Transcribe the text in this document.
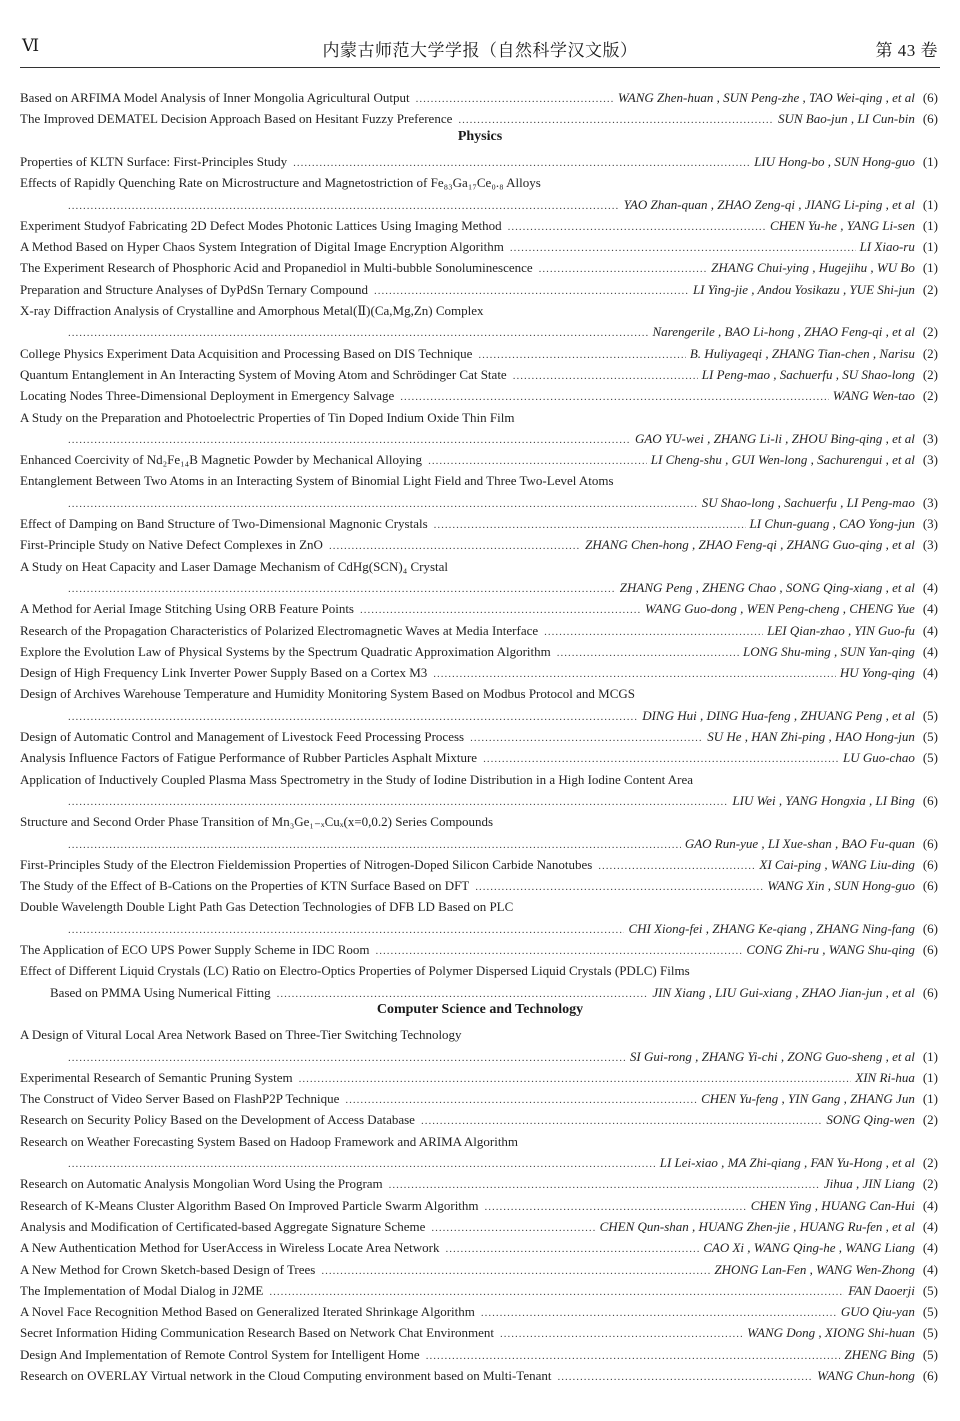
Ⅵ	内蒙古师范大学学报（自然科学汉文版）	第 43 卷
Based on ARFIMA Model Analysis of Inner Mongolia Agricultural Output .....	WANG Zhen-huan , SUN Peng-zhe , TAO Wei-qing , et al (6)
The Improved DEMATEL Decision Approach Based on Hesitant Fuzzy Preference .....	SUN Bao-jun , LI Cun-bin (6)
Physics
Properties of KLTN Surface: First-Principles Study .....	LIU Hong-bo , SUN Hong-guo (1)
Effects of Rapidly Quenching Rate on Microstructure and Magnetostriction of Fe₈₃Ga₁₇Ce₀.₈ Alloys
.....
YAO Zhan-quan , ZHAO Zeng-qi , JIANG Li-ping , et al (1)
Experiment Studyof Fabricating 2D Defect Modes Photonic Lattices Using Imaging Method .....	CHEN Yu-he , YANG Li-sen (1)
A Method Based on Hyper Chaos System Integration of Digital Image Encryption Algorithm .....	LI Xiao-ru (1)
The Experiment Research of Phosphoric Acid and Propanediol in Multi-bubble Sonoluminescence .....	ZHANG Chui-ying , Hugejihu , WU Bo (1)
Preparation and Structure Analyses of DyPdSn Ternary Compound .....	LI Ying-jie , Andou Yosikazu , YUE Shi-jun (2)
X-ray Diffraction Analysis of Crystalline and Amorphous Metal(Ⅱ)(Ca,Mg,Zn) Complex
.....
Narengerile , BAO Li-hong , ZHAO Feng-qi , et al (2)
College Physics Experiment Data Acquisition and Processing Based on DIS Technique .....	B. Huliyageqi , ZHANG Tian-chen , Narisu (2)
Quantum Entanglement in An Interacting System of Moving Atom and Schrödinger Cat State .....	LI Peng-mao , Sachuerfu , SU Shao-long (2)
Locating Nodes Three-Dimensional Deployment in Emergency Salvage .....	WANG Wen-tao (2)
A Study on the Preparation and Photoelectric Properties of Tin Doped Indium Oxide Thin Film
.....
GAO YU-wei , ZHANG Li-li , ZHOU Bing-qing , et al (3)
Enhanced Coercivity of Nd₂Fe₁₄B Magnetic Powder by Mechanical Alloying .....	LI Cheng-shu , GUI Wen-long , Sachurengui , et al (3)
Entanglement Between Two Atoms in an Interacting System of Binomial Light Field and Three Two-Level Atoms
.....
SU Shao-long , Sachuerfu , LI Peng-mao (3)
Effect of Damping on Band Structure of Two-Dimensional Magnonic Crystals .....	LI Chun-guang , CAO Yong-jun (3)
First-Principle Study on Native Defect Complexes in ZnO .....	ZHANG Chen-hong , ZHAO Feng-qi , ZHANG Guo-qing , et al (3)
A Study on Heat Capacity and Laser Damage Mechanism of CdHg(SCN)₄ Crystal
.....
ZHANG Peng , ZHENG Chao , SONG Qing-xiang , et al (4)
A Method for Aerial Image Stitching Using ORB Feature Points .....	WANG Guo-dong , WEN Peng-cheng , CHENG Yue (4)
Research of the Propagation Characteristics of Polarized Electromagnetic Waves at Media Interface .....	LEI Qian-zhao , YIN Guo-fu (4)
Explore the Evolution Law of Physical Systems by the Spectrum Quadratic Approximation Algorithm .....	LONG Shu-ming , SUN Yan-qing (4)
Design of High Frequency Link Inverter Power Supply Based on a Cortex M3 .....	HU Yong-qing (4)
Design of Archives Warehouse Temperature and Humidity Monitoring System Based on Modbus Protocol and MCGS
.....
DING Hui , DING Hua-feng , ZHUANG Peng , et al (5)
Design of Automatic Control and Management of Livestock Feed Processing Process .....	SU He , HAN Zhi-ping , HAO Hong-jun (5)
Analysis Influence Factors of Fatigue Performance of Rubber Particles Asphalt Mixture .....	LU Guo-chao (5)
Application of Inductively Coupled Plasma Mass Spectrometry in the Study of Iodine Distribution in a High Iodine Content Area
.....
LIU Wei , YANG Hongxia , LI Bing (6)
Structure and Second Order Phase Transition of Mn₃Ge₁₋ₓCuₓ(x=0,0.2) Series Compounds
.....
GAO Run-yue , LI Xue-shan , BAO Fu-quan (6)
First-Principles Study of the Electron Fieldemission Properties of Nitrogen-Doped Silicon Carbide Nanotubes .....	XI Cai-ping , WANG Liu-ding (6)
The Study of the Effect of B-Cations on the Properties of KTN Surface Based on DFT .....	WANG Xin , SUN Hong-guo (6)
Double Wavelength Double Light Path Gas Detection Technologies of DFB LD Based on PLC
.....
CHI Xiong-fei , ZHANG Ke-qiang , ZHANG Ning-fang (6)
The Application of ECO UPS Power Supply Scheme in IDC Room .....	CONG Zhi-ru , WANG Shu-qing (6)
Effect of Different Liquid Crystals (LC) Ratio on Electro-Optics Properties of Polymer Dispersed Liquid Crystals (PDLC) Films
Based on PMMA Using Numerical Fitting .....	JIN Xiang , LIU Gui-xiang , ZHAO Jian-jun , et al (6)
Computer Science and Technology
A Design of Vitural Local Area Network Based on Three-Tier Switching Technology
.....
SI Gui-rong , ZHANG Yi-chi , ZONG Guo-sheng , et al (1)
Experimental Research of Semantic Pruning System .....	XIN Ri-hua (1)
The Construct of Video Server Based on FlashP2P Technique .....	CHEN Yu-feng , YIN Gang , ZHANG Jun (1)
Research on Security Policy Based on the Development of Access Database .....	SONG Qing-wen (2)
Research on Weather Forecasting System Based on Hadoop Framework and ARIMA Algorithm
.....
LI Lei-xiao , MA Zhi-qiang , FAN Yu-Hong , et al (2)
Research on Automatic Analysis Mongolian Word Using the Program .....	Jihua , JIN Liang (2)
Research of K-Means Cluster Algorithm Based On Improved Particle Swarm Algorithm .....	CHEN Ying , HUANG Can-Hui (4)
Analysis and Modification of Certificated-based Aggregate Signature Scheme .....	CHEN Qun-shan , HUANG Zhen-jie , HUANG Ru-fen , et al (4)
A New Authentication Method for UserAccess in Wireless Locate Area Network .....	CAO Xi , WANG Qing-he , WANG Liang (4)
A New Method for Crown Sketch-based Design of Trees .....	ZHONG Lan-Fen , WANG Wen-Zhong (4)
The Implementation of Modal Dialog in J2ME .....	FAN Daoerji (5)
A Novel Face Recognition Method Based on Generalized Iterated Shrinkage Algorithm .....	GUO Qiu-yan (5)
Secret Information Hiding Communication Research Based on Network Chat Environment .....	WANG Dong , XIONG Shi-huan (5)
Design And Implementation of Remote Control System for Intelligent Home .....	ZHENG Bing (5)
Research on OVERLAY Virtual network in the Cloud Computing environment based on Multi-Tenant .....	WANG Chun-hong (6)
